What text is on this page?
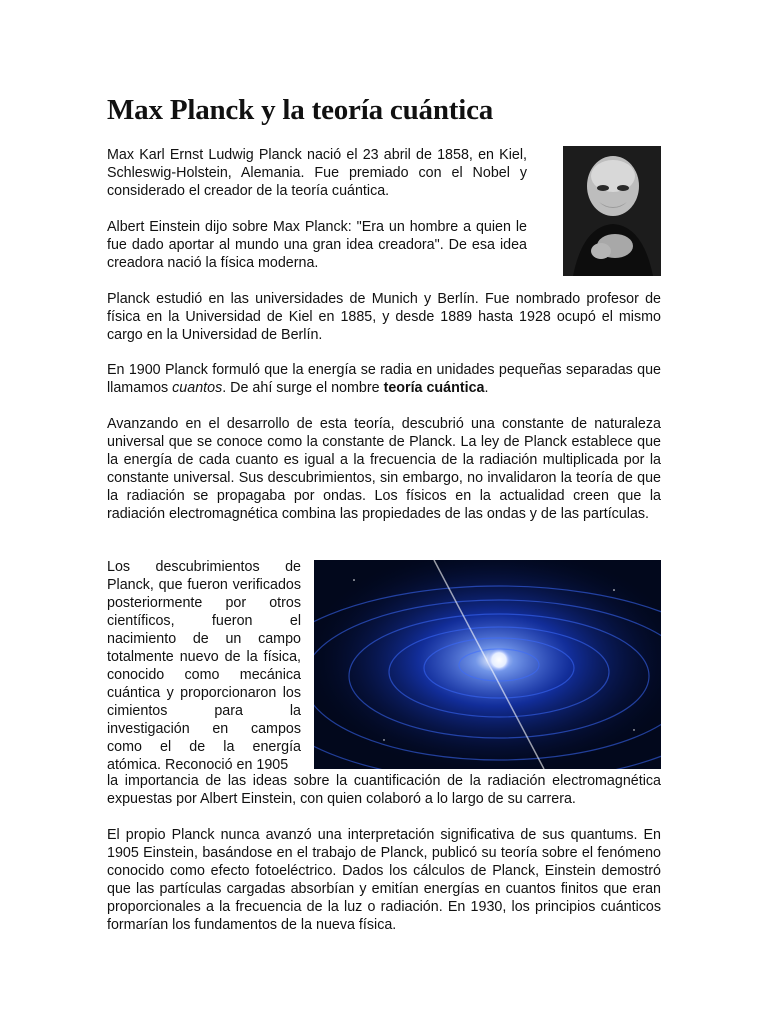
Max Planck y la teoría cuántica

Max Karl Ernst Ludwig Planck nació el 23 abril de 1858, en Kiel, Schleswig-Holstein, Alemania. Fue premiado con el Nobel y considerado el creador de la teoría cuántica.

Albert Einstein dijo sobre Max Planck: "Era un hombre a quien le fue dado aportar al mundo una gran idea creadora". De esa idea creadora nació la física moderna.

Planck estudió en las universidades de Munich y Berlín. Fue nombrado profesor de física en la Universidad de Kiel en 1885, y desde 1889 hasta 1928 ocupó el mismo cargo en la Universidad de Berlín.

En 1900 Planck formuló que la energía se radia en unidades pequeñas separadas que llamamos cuantos. De ahí surge el nombre teoría cuántica.

Avanzando en el desarrollo de esta teoría, descubrió una constante de naturaleza universal que se conoce como la constante de Planck. La ley de Planck establece que la energía de cada cuanto es igual a la frecuencia de la radiación multiplicada por la constante universal. Sus descubrimientos, sin embargo, no invalidaron la teoría de que la radiación se propagaba por ondas. Los físicos en la actualidad creen que la radiación electromagnética combina las propiedades de las ondas y de las partículas.

Los descubrimientos de Planck, que fueron verificados posteriormente por otros científicos, fueron el nacimiento de un campo totalmente nuevo de la física, conocido como mecánica cuántica y proporcionaron los cimientos para la investigación en campos como el de la energía atómica. Reconoció en 1905

la importancia de las ideas sobre la cuantificación de la radiación electromagnética expuestas por Albert Einstein, con quien colaboró a lo largo de su carrera.

El propio Planck nunca avanzó una interpretación significativa de sus quantums. En 1905 Einstein, basándose en el trabajo de Planck, publicó su teoría sobre el fenómeno conocido como efecto fotoeléctrico. Dados los cálculos de Planck, Einstein demostró que las partículas cargadas absorbían y emitían energías en cuantos finitos que eran proporcionales a la frecuencia de la luz o radiación. En 1930, los principios cuánticos formarían los fundamentos de la nueva física.
